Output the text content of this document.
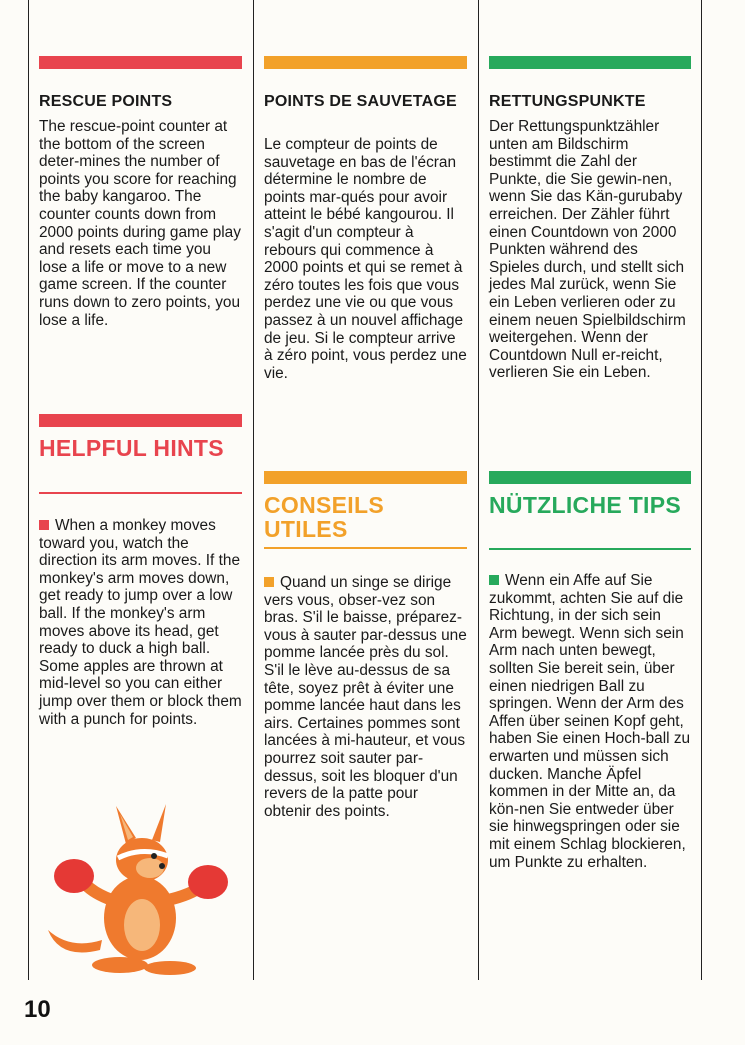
RESCUE POINTS

The rescue-point counter at the bottom of the screen deter-mines the number of points you score for reaching the baby kangaroo. The counter counts down from 2000 points during game play and resets each time you lose a life or move to a new game screen. If the counter runs down to zero points, you lose a life.

HELPFUL HINTS

When a monkey moves toward you, watch the direction its arm moves. If the monkey's arm moves down, get ready to jump over a low ball. If the monkey's arm moves above its head, get ready to duck a high ball. Some apples are thrown at mid-level so you can either jump over them or block them with a punch for points.

POINTS DE SAUVETAGE

Le compteur de points de sauvetage en bas de l'écran détermine le nombre de points mar-qués pour avoir atteint le bébé kangourou. Il s'agit d'un compteur à rebours qui commence à 2000 points et qui se remet à zéro toutes les fois que vous perdez une vie ou que vous passez à un nouvel affichage de jeu. Si le compteur arrive à zéro point, vous perdez une vie.

CONSEILS UTILES

Quand un singe se dirige vers vous, obser-vez son bras. S'il le baisse, préparez-vous à sauter par-dessus une pomme lancée près du sol. S'il le lève au-dessus de sa tête, soyez prêt à éviter une pomme lancée haut dans les airs. Certaines pommes sont lancées à mi-hauteur, et vous pourrez soit sauter par-dessus, soit les bloquer d'un revers de la patte pour obtenir des points.

RETTUNGSPUNKTE

Der Rettungspunktzähler unten am Bildschirm bestimmt die Zahl der Punkte, die Sie gewin-nen, wenn Sie das Kän-gurubaby erreichen. Der Zähler führt einen Countdown von 2000 Punkten während des Spieles durch, und stellt sich jedes Mal zurück, wenn Sie ein Leben verlieren oder zu einem neuen Spielbildschirm weitergehen. Wenn der Countdown Null er-reicht, verlieren Sie ein Leben.

NÜTZLICHE TIPS

Wenn ein Affe auf Sie zukommt, achten Sie auf die Richtung, in der sich sein Arm bewegt. Wenn sich sein Arm nach unten bewegt, sollten Sie bereit sein, über einen niedrigen Ball zu springen. Wenn der Arm des Affen über seinen Kopf geht, haben Sie einen Hoch-ball zu erwarten und müssen sich ducken. Manche Äpfel kommen in der Mitte an, da kön-nen Sie entweder über sie hinwegspringen oder sie mit einem Schlag blockieren, um Punkte zu erhalten.

10
